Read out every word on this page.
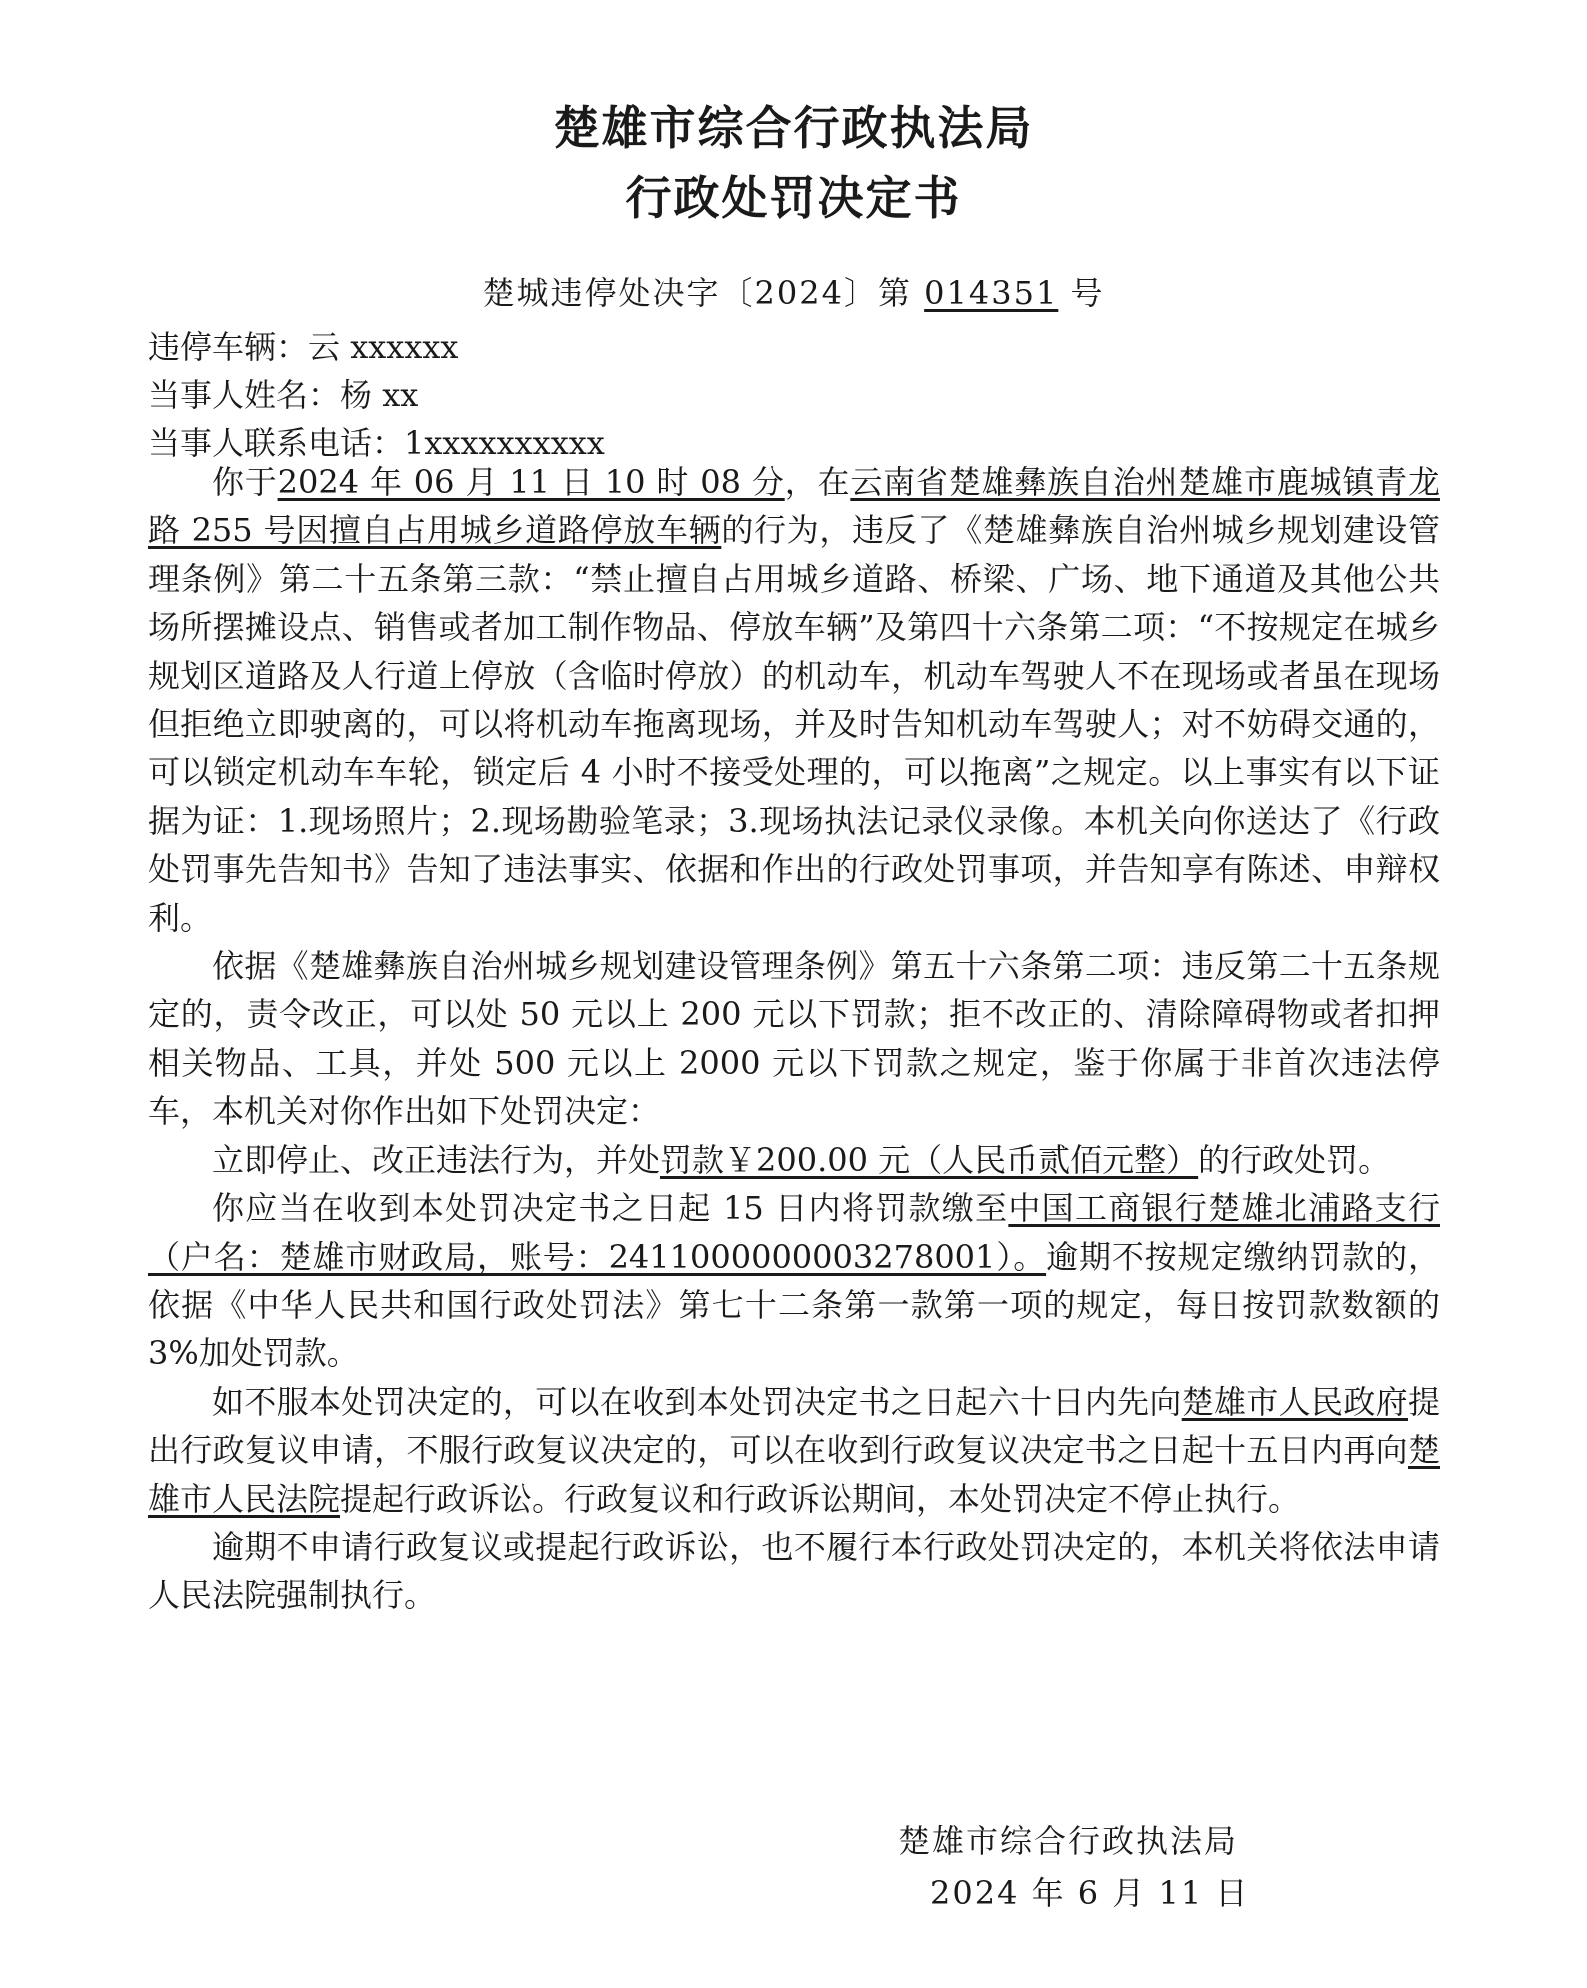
楚雄市综合行政执法局
行政处罚决定书
楚城违停处决字〔2024〕第 014351 号
违停车辆：云 xxxxxx
当事人姓名：杨 xx
当事人联系电话：1xxxxxxxxxx

你于2024 年 06 月 11 日 10 时 08 分，在云南省楚雄彝族自治州楚雄市鹿城镇青龙路 255 号因擅自占用城乡道路停放车辆的行为，违反了《楚雄彝族自治州城乡规划建设管理条例》第二十五条第三款：“禁止擅自占用城乡道路、桥梁、广场、地下通道及其他公共场所摆摊设点、销售或者加工制作物品、停放车辆”及第四十六条第二项：“不按规定在城乡规划区道路及人行道上停放（含临时停放）的机动车，机动车驾驶人不在现场或者虽在现场但拒绝立即驶离的，可以将机动车拖离现场，并及时告知机动车驾驶人；对不妨碍交通的，可以锁定机动车车轮，锁定后 4 小时不接受处理的，可以拖离”之规定。以上事实有以下证据为证：1.现场照片；2.现场勘验笔录；3.现场执法记录仪录像。本机关向你送达了《行政处罚事先告知书》告知了违法事实、依据和作出的行政处罚事项，并告知享有陈述、申辩权利。

依据《楚雄彝族自治州城乡规划建设管理条例》第五十六条第二项：违反第二十五条规定的，责令改正，可以处 50 元以上 200 元以下罚款；拒不改正的、清除障碍物或者扣押相关物品、工具，并处 500 元以上 2000 元以下罚款之规定，鉴于你属于非首次违法停车，本机关对你作出如下处罚决定：

立即停止、改正违法行为，并处罚款￥200.00 元（人民币贰佰元整）的行政处罚。

你应当在收到本处罚决定书之日起 15 日内将罚款缴至中国工商银行楚雄北浦路支行（户名：楚雄市财政局，账号：2411000000003278001）。逾期不按规定缴纳罚款的，依据《中华人民共和国行政处罚法》第七十二条第一款第一项的规定，每日按罚款数额的 3%加处罚款。

如不服本处罚决定的，可以在收到本处罚决定书之日起六十日内先向楚雄市人民政府提出行政复议申请，不服行政复议决定的，可以在收到行政复议决定书之日起十五日内再向楚雄市人民法院提起行政诉讼。行政复议和行政诉讼期间，本处罚决定不停止执行。

逾期不申请行政复议或提起行政诉讼，也不履行本行政处罚决定的，本机关将依法申请人民法院强制执行。

楚雄市综合行政执法局
2024 年 6 月 11 日
